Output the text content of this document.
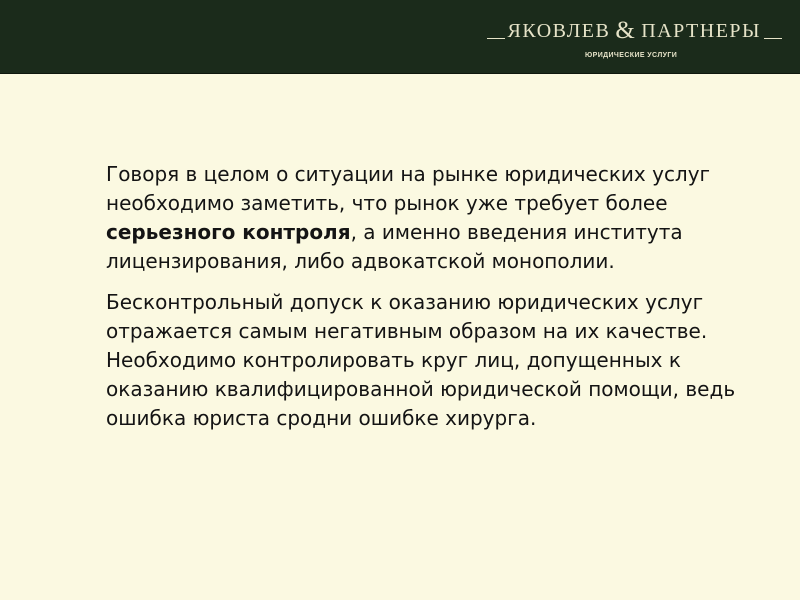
ЯКОВЛЕВ & ПАРТНЕРЫ
ЮРИДИЧЕСКИЕ УСЛУГИ

Говоря в целом о ситуации на рынке юридических услуг необходимо заметить, что рынок уже требует более серьезного контроля, а именно введения института лицензирования, либо адвокатской монополии.

Бесконтрольный допуск к оказанию юридических услуг отражается самым негативным образом на их качестве. Необходимо контролировать круг лиц, допущенных к оказанию квалифицированной юридической помощи, ведь ошибка юриста сродни ошибке хирурга.
